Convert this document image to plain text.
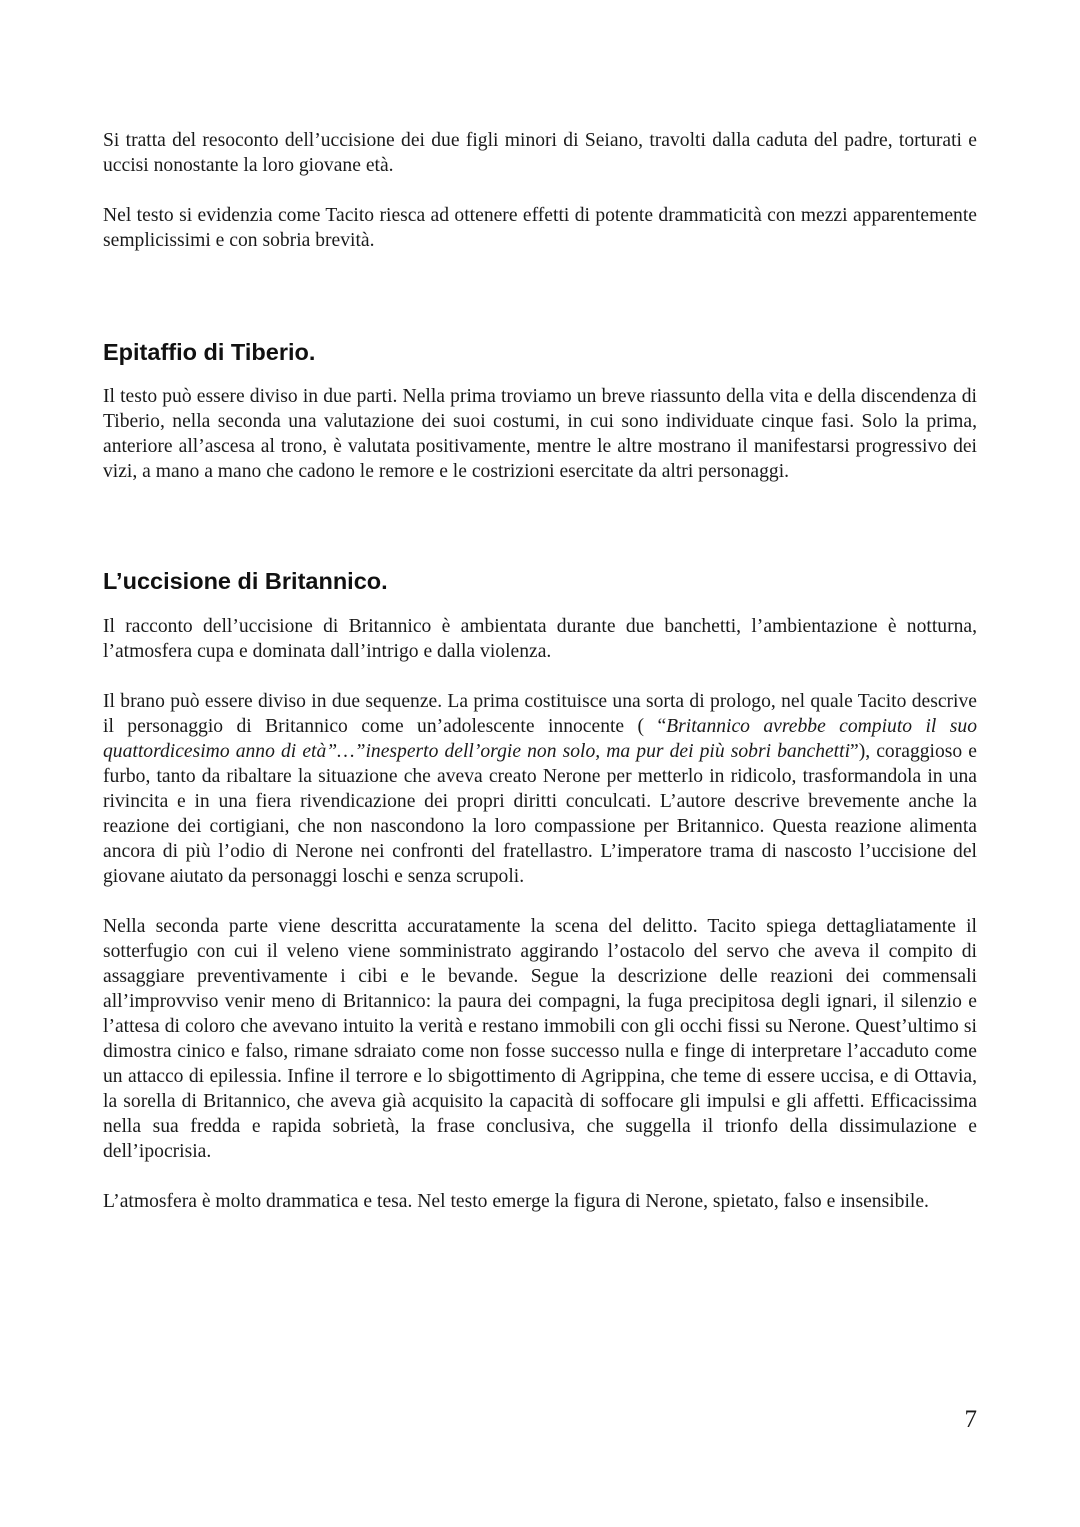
Si tratta del resoconto dell’uccisione dei due figli minori di Seiano, travolti dalla caduta del padre, torturati e uccisi nonostante la loro giovane età.

Nel testo si evidenzia come Tacito riesca ad ottenere effetti di potente drammaticità con mezzi apparentemente semplicissimi e con sobria brevità.

Epitaffio di Tiberio.

Il testo può essere diviso in due parti. Nella prima troviamo un breve riassunto della vita e della discendenza di Tiberio, nella seconda una valutazione dei suoi costumi, in cui sono individuate cinque fasi. Solo la prima, anteriore all’ascesa al trono, è valutata positivamente, mentre le altre mostrano il manifestarsi progressivo dei vizi, a mano a mano che cadono le remore e le costrizioni esercitate da altri personaggi.

L’uccisione di Britannico.

Il racconto dell’uccisione di Britannico è ambientata durante due banchetti, l’ambientazione è notturna, l’atmosfera cupa e dominata dall’intrigo e dalla violenza.

Il brano può essere diviso in due sequenze. La prima costituisce una sorta di prologo, nel quale Tacito descrive il personaggio di Britannico come un’adolescente innocente ( “Britannico avrebbe compiuto il suo quattordicesimo anno di età”…”inesperto dell’orgie non solo, ma pur dei più sobri banchetti”), coraggioso e furbo, tanto da ribaltare la situazione che aveva creato Nerone per metterlo in ridicolo, trasformandola in una rivincita e in una fiera rivendicazione dei propri diritti conculcati. L’autore descrive brevemente anche la reazione dei cortigiani, che non nascondono la loro compassione per Britannico. Questa reazione alimenta ancora di più l’odio di Nerone nei confronti del fratellastro. L’imperatore trama di nascosto l’uccisione del giovane aiutato da personaggi loschi e senza scrupoli.

Nella seconda parte viene descritta accuratamente la scena del delitto. Tacito spiega dettagliatamente il sotterfugio con cui il veleno viene somministrato aggirando l’ostacolo del servo che aveva il compito di assaggiare preventivamente i cibi e le bevande. Segue la descrizione delle reazioni dei commensali all’improvviso venir meno di Britannico: la paura dei compagni, la fuga precipitosa degli ignari, il silenzio e l’attesa di coloro che avevano intuito la verità e restano immobili con gli occhi fissi su Nerone. Quest’ultimo si dimostra cinico e falso, rimane sdraiato come non fosse successo nulla e finge di interpretare l’accaduto come un attacco di epilessia. Infine il terrore e lo sbigottimento di Agrippina, che teme di essere uccisa, e di Ottavia, la sorella di Britannico, che aveva già acquisito la capacità di soffocare gli impulsi e gli affetti. Efficacissima nella sua fredda e rapida sobrietà, la frase conclusiva, che suggella il trionfo della dissimulazione e dell’ipocrisia.

L’atmosfera è molto drammatica e tesa. Nel testo emerge la figura di Nerone, spietato, falso e insensibile.

7
